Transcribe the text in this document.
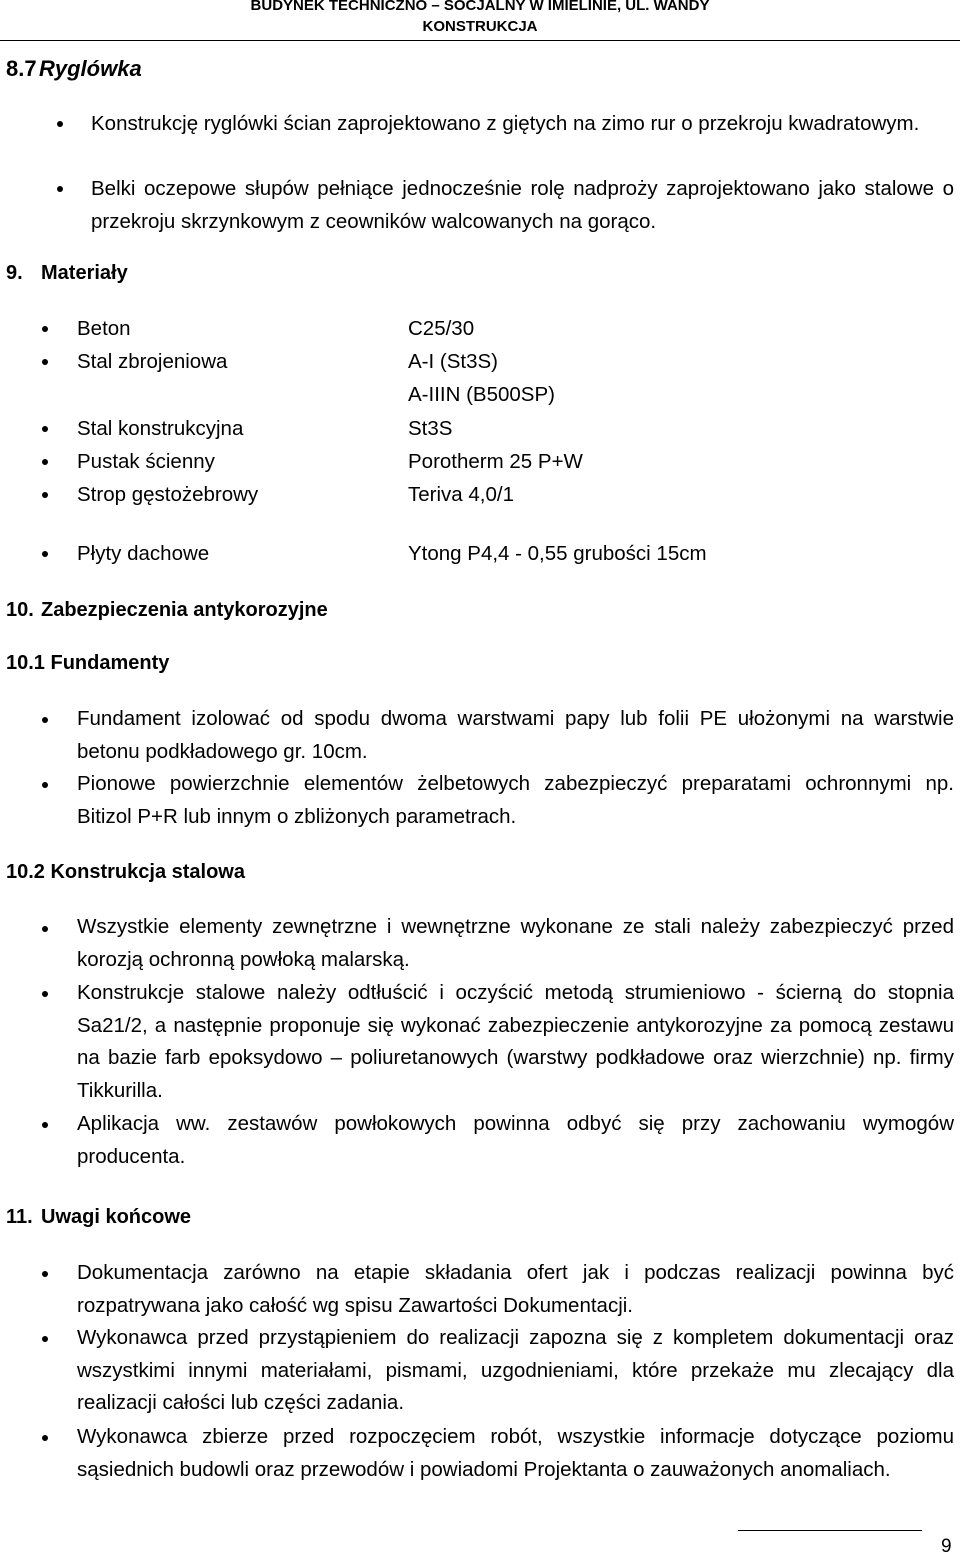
BUDYNEK TECHNICZNO – SOCJALNY W IMIELINIE, UL. WANDY
KONSTRUKCJA
8.7 Ryglówka
Konstrukcję ryglówki ścian zaprojektowano z giętych na zimo rur o przekroju kwadratowym.
Belki oczepowe słupów pełniące jednocześnie rolę nadproży zaprojektowano jako stalowe o przekroju skrzynkowym z ceowników walcowanych na gorąco.
9. Materiały
Beton	C25/30
Stal zbrojeniowa	A-I (St3S)
A-IIIN (B500SP)
Stal konstrukcyjna	St3S
Pustak ścienny	Porotherm 25 P+W
Strop gęstożebrowy	Teriva 4,0/1
Płyty dachowe	Ytong P4,4 - 0,55 grubości 15cm
10. Zabezpieczenia antykorozyjne
10.1 Fundamenty
Fundament izolować od spodu dwoma warstwami papy lub folii PE ułożonymi na warstwie betonu podkładowego gr. 10cm.
Pionowe powierzchnie elementów żelbetowych zabezpieczyć preparatami ochronnymi np. Bitizol P+R lub innym o zbliżonych parametrach.
10.2 Konstrukcja stalowa
Wszystkie elementy zewnętrzne i wewnętrzne wykonane ze stali należy zabezpieczyć przed korozją ochronną powłoką malarską.
Konstrukcje stalowe należy odtłuścić i oczyścić metodą strumieniowo - ścierną do stopnia Sa21/2, a następnie proponuje się wykonać zabezpieczenie antykorozyjne za pomocą zestawu na bazie farb epoksydowo – poliuretanowych (warstwy podkładowe oraz wierzchnie) np. firmy Tikkurilla.
Aplikacja ww. zestawów powłokowych powinna odbyć się przy zachowaniu wymogów producenta.
11. Uwagi końcowe
Dokumentacja zarówno na etapie składania ofert jak i podczas realizacji powinna być rozpatrywana jako całość wg spisu Zawartości Dokumentacji.
Wykonawca przed przystąpieniem do realizacji zapozna się z kompletem dokumentacji oraz wszystkimi innymi materiałami, pismami, uzgodnieniami, które przekaże mu zlecający dla realizacji całości lub części zadania.
Wykonawca zbierze przed rozpoczęciem robót, wszystkie informacje dotyczące poziomu sąsiednich budowli oraz przewodów i powiadomi Projektanta o zauważonych anomaliach.
9
